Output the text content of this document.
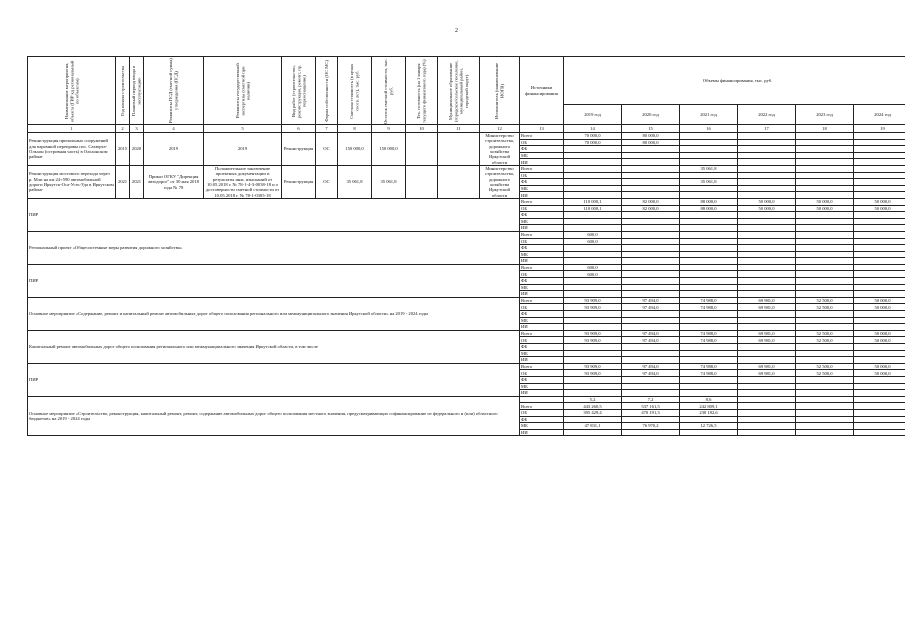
2
Наименование мероприятия, объекта (ГИР кд региональный по объектам)	Год начала строительства	Плановый период ввода в эксплуатацию	Реквизиты ПСД (сметной сумма) утверждения (ПСД)	Реквизиты государственной экспертизы (сметной при наличии)	Вид работ (строительство, реконструкция, ремонт, пр. переоснащение)	Форма собственности (ОС МС)	Сметная стоимость (в ценах соотв. лет), тыс. руб.	Остаток сметной стоимости, тыс. руб.	Тех. готовность (на 1 января текущего финансового года) (%)	Муниципальное образование (городское/сельское поселение, муниципальный район, городской округ)	Исполнитель (наименование ИОГВ)	Источники финансирования	Объемы финансирования, тыс. руб.					
													2019 год	2020 год	2021 год	2022 год	2023 год	2024 год
1	2	3	4	5	6	7	8	9	10	11	12	13	14	15	16	17	18	19
Реконструкция причальных сооружений для паромной переправы пос. Сахюрта-Ольхон (островная часть) в Ольхонском районе	2015	2020	2019	2019	Реконструкция	ОС	150 000,0	150 000,0			Министерство строительства, дорожного хозяйства Иркутской области	Всего	70 000,0	80 000,0				
												ОБ	70 000,0	80 000,0				
												ФБ						
												МБ						
												ИИ						
Реконструкция мостового перехода через р. Мли на км 24+590 автомобильной дороги Иркутск-Оса-Усть-Уда в Иркутском районе	2021	2021	Приказ ОГКУ "Дирекция автодорог" от 30 мая 2018 года № 78	Положительное заключение проектных документации и результаты инж. изысканий от 10.05.2018 г. № 78-1-4-3-0038-18 и о достоверности сметной стоимости от 10.05.2018 г. № 78-1-0305-18	Реконструкция	ОС	35 061,8	35 061,8			Министерство строительства, дорожного хозяйства Иркутской области	Всего			35 061,8			
												ОБ						
												ФБ			35 061,8			
												МБ						
												ИИ						
ПИР												Всего	110 000,1	82 000,0	88 000,0	50 000,0	50 000,0	50 000,0
												ОБ	110 000,1	82 000,0	88 000,0	50 000,0	50 000,0	50 000,0
												ФБ						
												МБ						
												ИИ						
Региональный проект «Общесистемные меры развития дорожного хозяйства»												Всего	600,0					
												ОБ	600,0					
												ФБ						
												МБ						
												ИИ						
ПИР												Всего	600,0					
												ОБ	600,0					
												ФБ						
												МБ						
												ИИ						
Основное мероприятие «Содержание, ремонт и капитальный ремонт автомобильных дорог общего пользования регионального или межмуниципального значения Иркутской области» на 2019 - 2024 годы												Всего	93 909,0	97 494,0	74 988,0	69 981,0	52 500,0	50 000,0
												ОБ	93 909,0	97 494,0	74 988,0	69 981,0	52 500,0	50 000,0
												ФБ						
												МБ						
												ИИ						
Капитальный ремонт автомобильных дорог общего пользования регионального или межмуниципального значения Иркутской области, в том числе												Всего	93 909,0	97 494,0	74 988,0	69 981,0	52 500,0	50 000,0
												ОБ	93 909,0	97 494,0	74 988,0	69 981,0	52 500,0	50 000,0
												ФБ						
												МБ						
												ИИ						
ПИР												Всего	93 909,0	97 494,0	74 988,0	69 981,0	52 500,0	50 000,0
												ОБ	93 909,0	97 494,0	74 988,0	69 981,0	52 500,0	50 000,0
												ФБ						
												МБ						
												ИИ						
Основное мероприятие «Строительство, реконструкция, капитальный ремонт, ремонт, содержание автомобильных дорог общего пользования местного значения, предусматривающих софинансирование из федерального и (или) областного бюджетов» на 2019 - 2024 годы													5,2	7,2	8,6			
												Всего	443 260,5	537 161,5	242 809,1			
												ОБ	395 429,4	470 191,3	230 182,6			
												ФБ						
												МБ	47 831,1	76 970,2	12 726,5			
												ИИ						
